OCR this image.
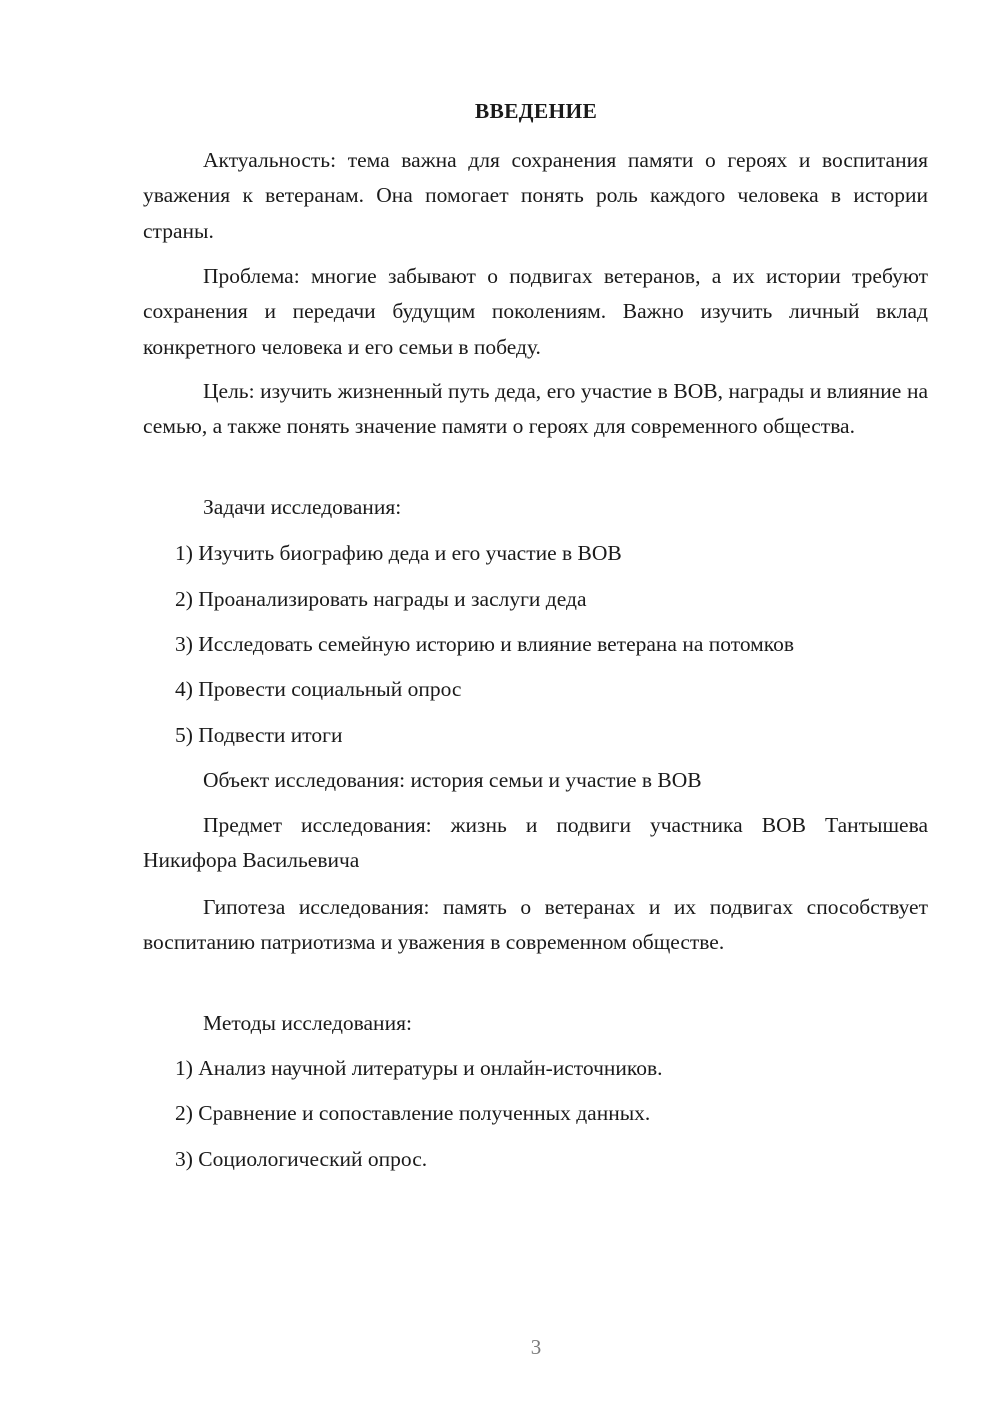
ВВЕДЕНИЕ

Актуальность: тема важна для сохранения памяти о героях и воспитания уважения к ветеранам. Она помогает понять роль каждого человека в истории страны.

Проблема: многие забывают о подвигах ветеранов, а их истории требуют сохранения и передачи будущим поколениям. Важно изучить личный вклад конкретного человека и его семьи в победу.

Цель: изучить жизненный путь деда, его участие в ВОВ, награды и влияние на семью, а также понять значение памяти о героях для современного общества.

Задачи исследования:

1) Изучить биографию деда и его участие в ВОВ

2) Проанализировать награды и заслуги деда

3) Исследовать семейную историю и влияние ветерана на потомков

4) Провести социальный опрос

5) Подвести итоги

Объект исследования: история семьи и участие в ВОВ

Предмет исследования: жизнь и подвиги участника ВОВ Тантышева Никифора Васильевича

Гипотеза исследования: память о ветеранах и их подвигах способствует воспитанию патриотизма и уважения в современном обществе.

Методы исследования:

1) Анализ научной литературы и онлайн-источников.

2) Сравнение и сопоставление полученных данных.

3) Социологический опрос.

3
